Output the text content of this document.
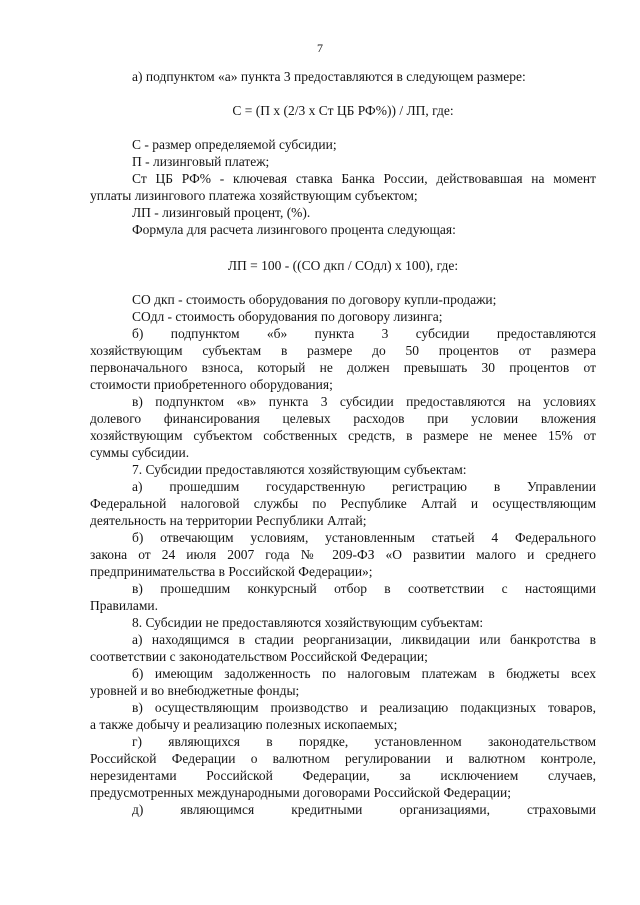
7
а) подпунктом «а» пункта 3 предоставляются в следующем размере:
С = (П х (2/3 х Ст ЦБ РФ%)) / ЛП, где:
С - размер определяемой субсидии;
П - лизинговый платеж;
Ст ЦБ РФ% - ключевая ставка Банка России, действовавшая на момент
уплаты лизингового платежа хозяйствующим субъектом;
ЛП - лизинговый процент, (%).
Формула для расчета лизингового процента следующая:
ЛП = 100 - ((СО дкп / СОдл) х 100), где:
СО дкп - стоимость оборудования по договору купли-продажи;
СОдл - стоимость оборудования по договору лизинга;
б) подпунктом «б» пункта 3 субсидии предоставляются
хозяйствующим субъектам в размере до 50 процентов от размера
первоначального взноса, который не должен превышать 30 процентов от
стоимости приобретенного оборудования;
в) подпунктом «в» пункта 3 субсидии предоставляются на условиях
долевого финансирования целевых расходов при условии вложения
хозяйствующим субъектом собственных средств, в размере не менее 15% от
суммы субсидии.
7. Субсидии предоставляются хозяйствующим субъектам:
а) прошедшим государственную регистрацию в Управлении
Федеральной налоговой службы по Республике Алтай и осуществляющим
деятельность на территории Республики Алтай;
б) отвечающим условиям, установленным статьей 4 Федерального
закона от 24 июля 2007 года № 209-ФЗ «О развитии малого и среднего
предпринимательства в Российской Федерации»;
в) прошедшим конкурсный отбор в соответствии с настоящими
Правилами.
8. Субсидии не предоставляются хозяйствующим субъектам:
а) находящимся в стадии реорганизации, ликвидации или банкротства в
соответствии с законодательством Российской Федерации;
б) имеющим задолженность по налоговым платежам в бюджеты всех
уровней и во внебюджетные фонды;
в) осуществляющим производство и реализацию подакцизных товаров,
а также добычу и реализацию полезных ископаемых;
г) являющихся в порядке, установленном законодательством
Российской Федерации о валютном регулировании и валютном контроле,
нерезидентами Российской Федерации, за исключением случаев,
предусмотренных международными договорами Российской Федерации;
д) являющимся кредитными организациями, страховыми
